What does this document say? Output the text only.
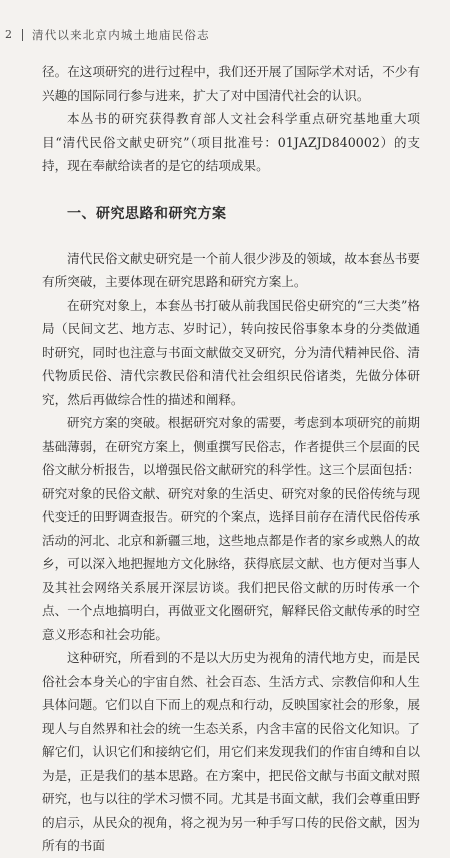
2 清代以来北京内城土地庙民俗志

径。在这项研究的进行过程中，我们还开展了国际学术对话，不少有兴趣的国际同行参与进来，扩大了对中国清代社会的认识。

本丛书的研究获得教育部人文社会科学重点研究基地重大项目“清代民俗文献史研究”（项目批准号：01JAZJD840002）的支持，现在奉献给读者的是它的结项成果。

一、研究思路和研究方案

清代民俗文献史研究是一个前人很少涉及的领域，故本套丛书要有所突破，主要体现在研究思路和研究方案上。

在研究对象上，本套丛书打破从前我国民俗史研究的“三大类”格局（民间文艺、地方志、岁时记），转向按民俗事象本身的分类做通时研究，同时也注意与书面文献做交叉研究，分为清代精神民俗、清代物质民俗、清代宗教民俗和清代社会组织民俗诸类，先做分体研究，然后再做综合性的描述和阐释。

研究方案的突破。根据研究对象的需要，考虑到本项研究的前期基础薄弱，在研究方案上，侧重撰写民俗志，作者提供三个层面的民俗文献分析报告，以增强民俗文献研究的科学性。这三个层面包括：研究对象的民俗文献、研究对象的生活史、研究对象的民俗传统与现代变迁的田野调查报告。研究的个案点，选择目前存在清代民俗传承活动的河北、北京和新疆三地，这些地点都是作者的家乡或熟人的故乡，可以深入地把握地方文化脉络，获得底层文献、也方便对当事人及其社会网络关系展开深层访谈。我们把民俗文献的历时传承一个点、一个点地搞明白，再做亚文化圈研究，解释民俗文献传承的时空意义形态和社会功能。

这种研究，所看到的不是以大历史为视角的清代地方史，而是民俗社会本身关心的宇宙自然、社会百态、生活方式、宗教信仰和人生具体问题。它们以自下而上的观点和行动，反映国家社会的形象，展现人与自然界和社会的统一生态关系，内含丰富的民俗文化知识。了解它们，认识它们和接纳它们，用它们来发现我们的作宙自缚和自以为是，正是我们的基本思路。在方案中，把民俗文献与书面文献对照研究，也与以往的学术习惯不同。尤其是书面文献，我们会尊重田野的启示，从民众的视角，将之视为另一种手写口传的民俗文献，因为所有的书面
